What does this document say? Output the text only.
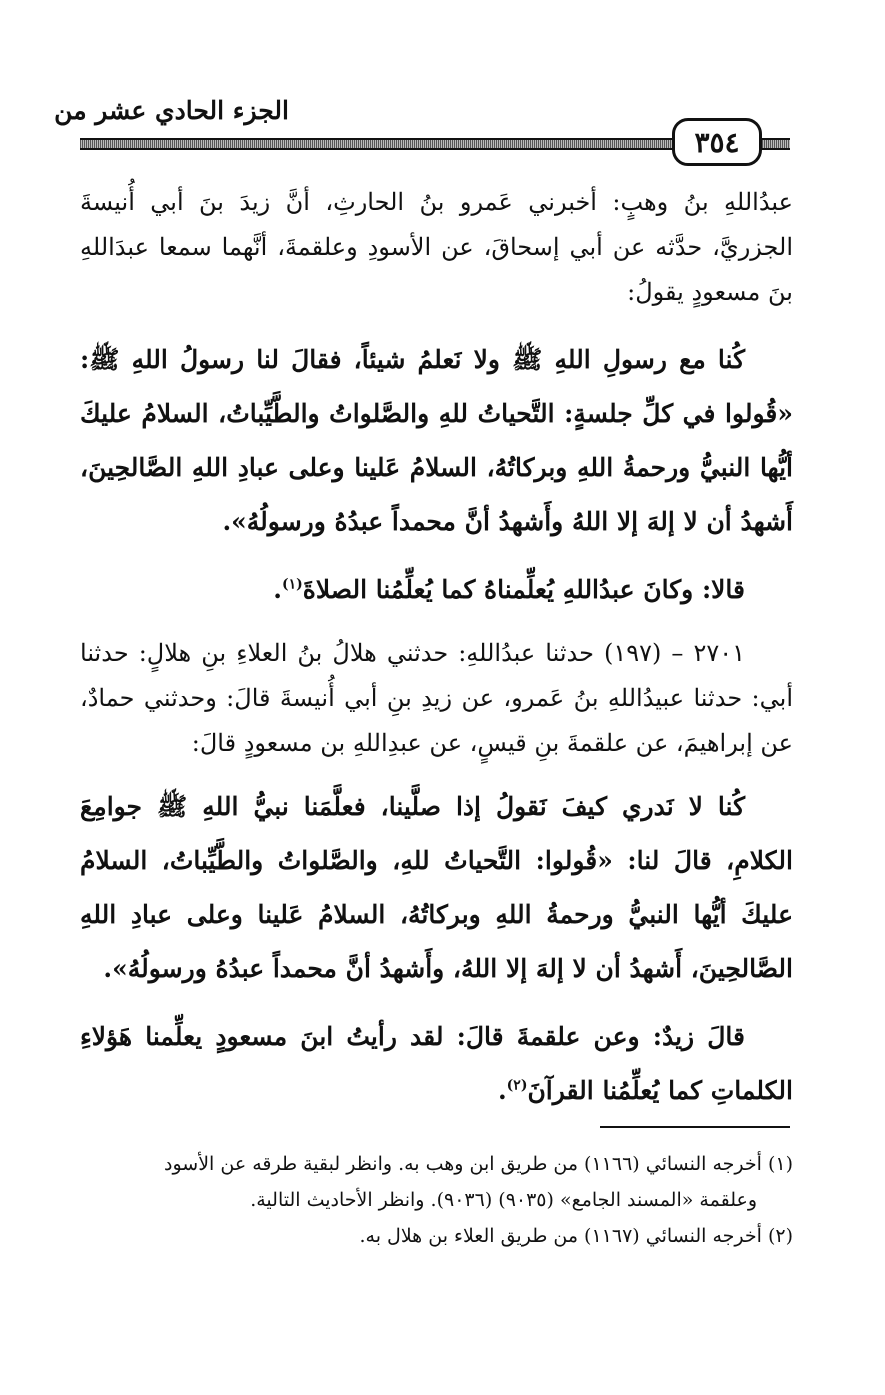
الجزء الحادي عشر من
٣٥٤

عبدُاللهِ بنُ وهبٍ: أخبرني عَمرو بنُ الحارثِ، أنَّ زيدَ بنَ أبي أُنيسةَ الجزريَّ، حدَّثه عن أبي إسحاقَ، عن الأسودِ وعلقمةَ، أنَّهما سمعا عبدَاللهِ بنَ مسعودٍ يقولُ:

كُنا مع رسولِ اللهِ ﷺ ولا نَعلمُ شيئاً، فقالَ لنا رسولُ اللهِ ﷺ: «قُولوا في كلِّ جلسةٍ: التَّحياتُ للهِ والصَّلواتُ والطَّيِّباتُ، السلامُ عليكَ أيُّها النبيُّ ورحمةُ اللهِ وبركاتُهُ، السلامُ عَلينا وعلى عبادِ اللهِ الصَّالحِينَ، أَشهدُ أن لا إلهَ إلا اللهُ وأَشهدُ أنَّ محمداً عبدُهُ ورسولُهُ».

قالا: وكانَ عبدُاللهِ يُعلِّمناهُ كما يُعلِّمُنا الصلاةَ$^{(١)}$.

٢٧٠١ – (١٩٧) حدثنا عبدُاللهِ: حدثني هلالُ بنُ العلاءِ بنِ هلالٍ: حدثنا أبي: حدثنا عبيدُاللهِ بنُ عَمرو، عن زيدِ بنِ أبي أُنيسةَ قالَ: وحدثني حمادٌ، عن إبراهيمَ، عن علقمةَ بنِ قيسٍ، عن عبدِاللهِ بن مسعودٍ قالَ:

كُنا لا نَدري كيفَ نَقولُ إذا صلَّينا، فعلَّمَنا نبيُّ اللهِ ﷺ جوامِعَ الكلامِ، قالَ لنا: «قُولوا: التَّحياتُ للهِ، والصَّلواتُ والطَّيِّباتُ، السلامُ عليكَ أيُّها النبيُّ ورحمةُ اللهِ وبركاتُهُ، السلامُ عَلينا وعلى عبادِ اللهِ الصَّالحِينَ، أَشهدُ أن لا إلهَ إلا اللهُ، وأَشهدُ أنَّ محمداً عبدُهُ ورسولُهُ».

قالَ زيدٌ: وعن علقمةَ قالَ: لقد رأيتُ ابنَ مسعودٍ يعلِّمنا هَؤلاءِ الكلماتِ كما يُعلِّمُنا القرآنَ$^{(٢)}$.

(١) أخرجه النسائي (١١٦٦) من طريق ابن وهب به. وانظر لبقية طرقه عن الأسود
وعلقمة «المسند الجامع» (٩٠٣٥) (٩٠٣٦). وانظر الأحاديث التالية.

(٢) أخرجه النسائي (١١٦٧) من طريق العلاء بن هلال به.
